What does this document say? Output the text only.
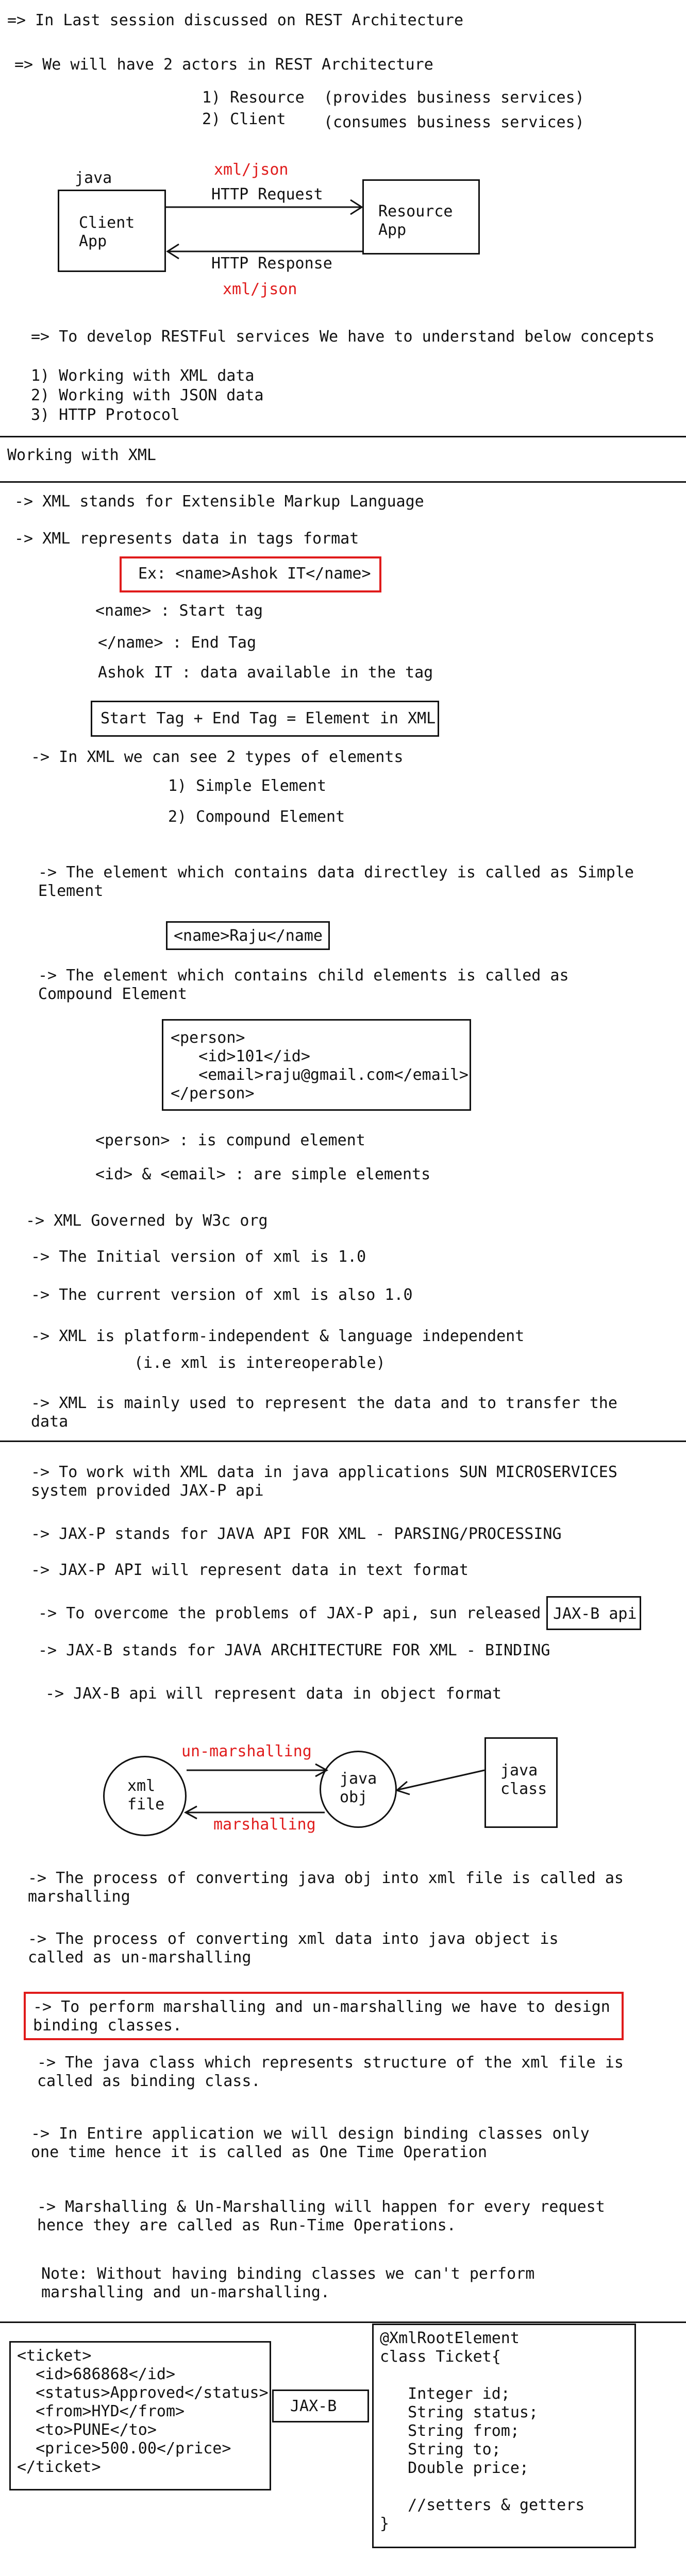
=> In Last session discussed on REST Architecture
=> We will have 2 actors in REST Architecture
1) Resource (provides business services)
2) Client (consumes business services)
java
Client
App
Resource
App
xml/json
HTTP Request
HTTP Response
xml/json
=> To develop RESTFul services We have to understand below concepts
1) Working with XML data
2) Working with JSON data
3) HTTP Protocol
Working with XML
-> XML stands for Extensible Markup Language
-> XML represents data in tags format
Ex: <name>Ashok IT</name>
<name> : Start tag
</name> : End Tag
Ashok IT : data available in the tag
Start Tag + End Tag = Element in XML
-> In XML we can see 2 types of elements
1) Simple Element
2) Compound Element
-> The element which contains data directley is called as Simple
Element
<name>Raju</name
-> The element which contains child elements is called as
Compound Element
<person>
<id>101</id>
<email>raju@gmail.com</email>
</person>
<person> : is compund element
<id> & <email> : are simple elements
-> XML Governed by W3c org
-> The Initial version of xml is 1.0
-> The current version of xml is also 1.0
-> XML is platform-independent & language independent
(i.e xml is intereoperable)
-> XML is mainly used to represent the data and to transfer the
data
-> To work with XML data in java applications SUN MICROSERVICES
system provided JAX-P api
-> JAX-P stands for JAVA API FOR XML - PARSING/PROCESSING
-> JAX-P API will represent data in text format
-> To overcome the problems of JAX-P api, sun released JAX-B api
-> JAX-B stands for JAVA ARCHITECTURE FOR XML - BINDING
-> JAX-B api will represent data in object format
xml
file
java
obj
java
class
un-marshalling
marshalling
-> The process of converting java obj into xml file is called as
marshalling
-> The process of converting xml data into java object is
called as un-marshalling
-> To perform marshalling and un-marshalling we have to design
binding classes.
-> The java class which represents structure of the xml file is
called as binding class.
-> In Entire application we will design binding classes only
one time hence it is called as One Time Operation
-> Marshalling & Un-Marshalling will happen for every request
hence they are called as Run-Time Operations.
Note: Without having binding classes we can't perform
marshalling and un-marshalling.
<ticket>
<id>686868</id>
<status>Approved</status>
<from>HYD</from>
<to>PUNE</to>
<price>500.00</price>
</ticket>
JAX-B
@XmlRootElement
class Ticket{

Integer id;
String status;
String from;
String to;
Double price;

//setters & getters
}
